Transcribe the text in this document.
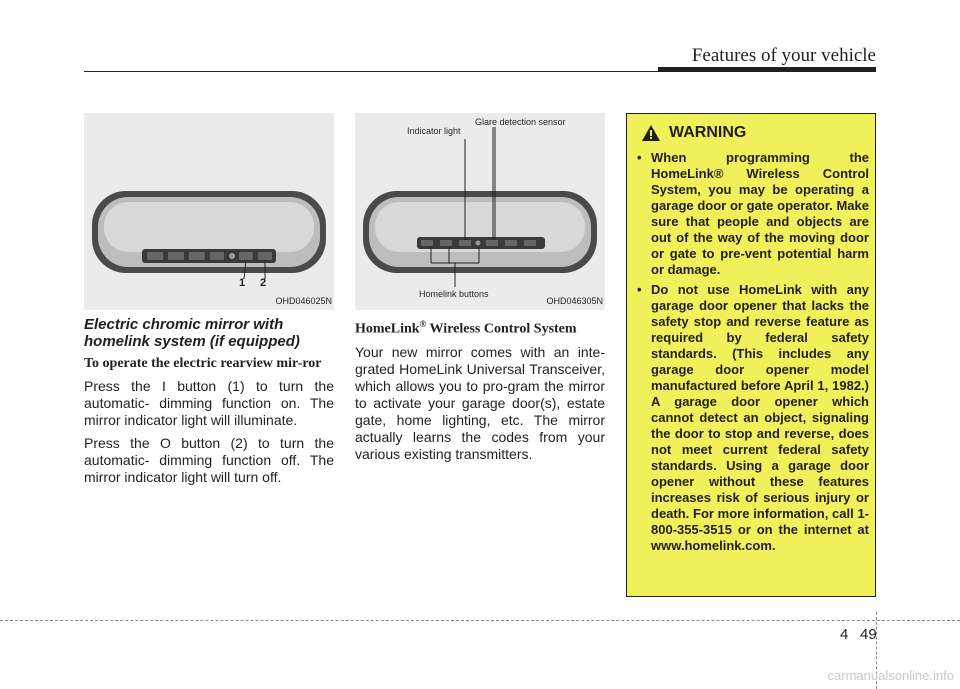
Features of your vehicle
1 2
OHD046025N
Indicator light
Glare detection sensor
Homelink buttons
OHD046305N
Electric chromic mirror with homelink system (if equipped)
To operate the electric rearview mir-ror

Press the I button (1) to turn the automatic- dimming function on. The mirror indicator light will illuminate.

Press the O button (2) to turn the automatic- dimming function off. The mirror indicator light will turn off.

HomeLink® Wireless Control System

Your new mirror comes with an inte-grated HomeLink Universal Transceiver, which allows you to pro-gram the mirror to activate your garage door(s), estate gate, home lighting, etc. The mirror actually learns the codes from your various existing transmitters.

WARNING
• When programming the HomeLink® Wireless Control System, you may be operating a garage door or gate operator. Make sure that people and objects are out of the way of the moving door or gate to pre-vent potential harm or damage.
• Do not use HomeLink with any garage door opener that lacks the safety stop and reverse feature as required by federal safety standards. (This includes any garage door opener model manufactured before April 1, 1982.) A garage door opener which cannot detect an object, signaling the door to stop and reverse, does not meet current federal safety standards. Using a garage door opener without these features increases risk of serious injury or death. For more information, call 1-800-355-3515 or on the internet at www.homelink.com.
4 49
carmanualsonline.info
